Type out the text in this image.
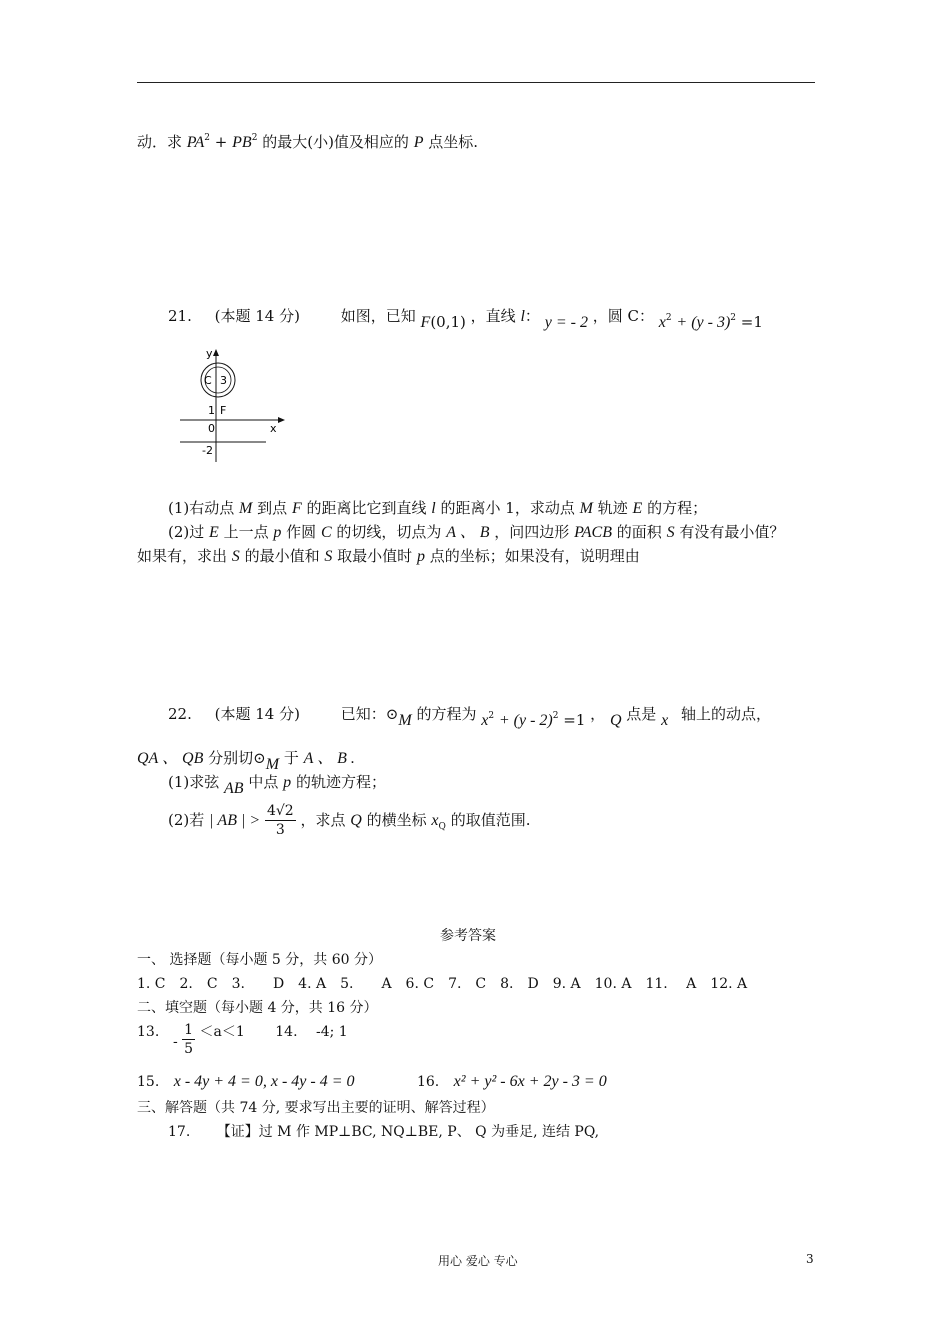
动．求 $PA^2 + PB^2$ 的最大(小)值及相应的 P 点坐标.
21. (本题 14 分)	如图，已知 F(0,1) ，直线 l： y = - 2 ，圆 C： $x^2 + (y - 3)^2 =1$
y
x
C 3
1 F
0
-2
(1)右动点 M 到点 F 的距离比它到直线 l 的距离小 1，求动点 M 轨迹 E 的方程；
(2)过 E 上一点 p 作圆 C 的切线，切点为 A 、 B ，问四边形 PACB 的面积 S 有没有最小值？
如果有，求出 S 的最小值和 S 取最小值时 p 点的坐标；如果没有，说明理由
22. (本题 14 分)	已知：⊙M 的方程为 $x^2 + (y - 2)^2 =1$ ， Q 点是 x 轴上的动点，
QA 、 QB 分别切⊙M 于 A 、 B .
(1)求弦 AB 中点 p 的轨迹方程；
(2)若 | AB | > $\frac{4√2}{3}$ ，求点 Q 的横坐标 $x_Q$ 的取值范围.
参考答案
一、 选择题（每小题 5 分，共 60 分）
1. C　2.　C　3.　　D　4. A　5.　　A　6. C　7.　C　8.　D　9. A　10. A　11.　 A　12. A
二、填空题（每小题 4 分，共 16 分）
13. - $\frac{1}{5} <a<1$ 14.　 -4; 1
15. x - 4y + 4 = 0, x - 4y - 4 = 0	16. x² + y² - 6x + 2y - 3 = 0
三、解答题（共 74 分, 要求写出主要的证明、解答过程）
17. 【证】过 M 作 MP⊥BC, NQ⊥BE, P、 Q 为垂足, 连结 PQ,
用心 爱心 专心	3
